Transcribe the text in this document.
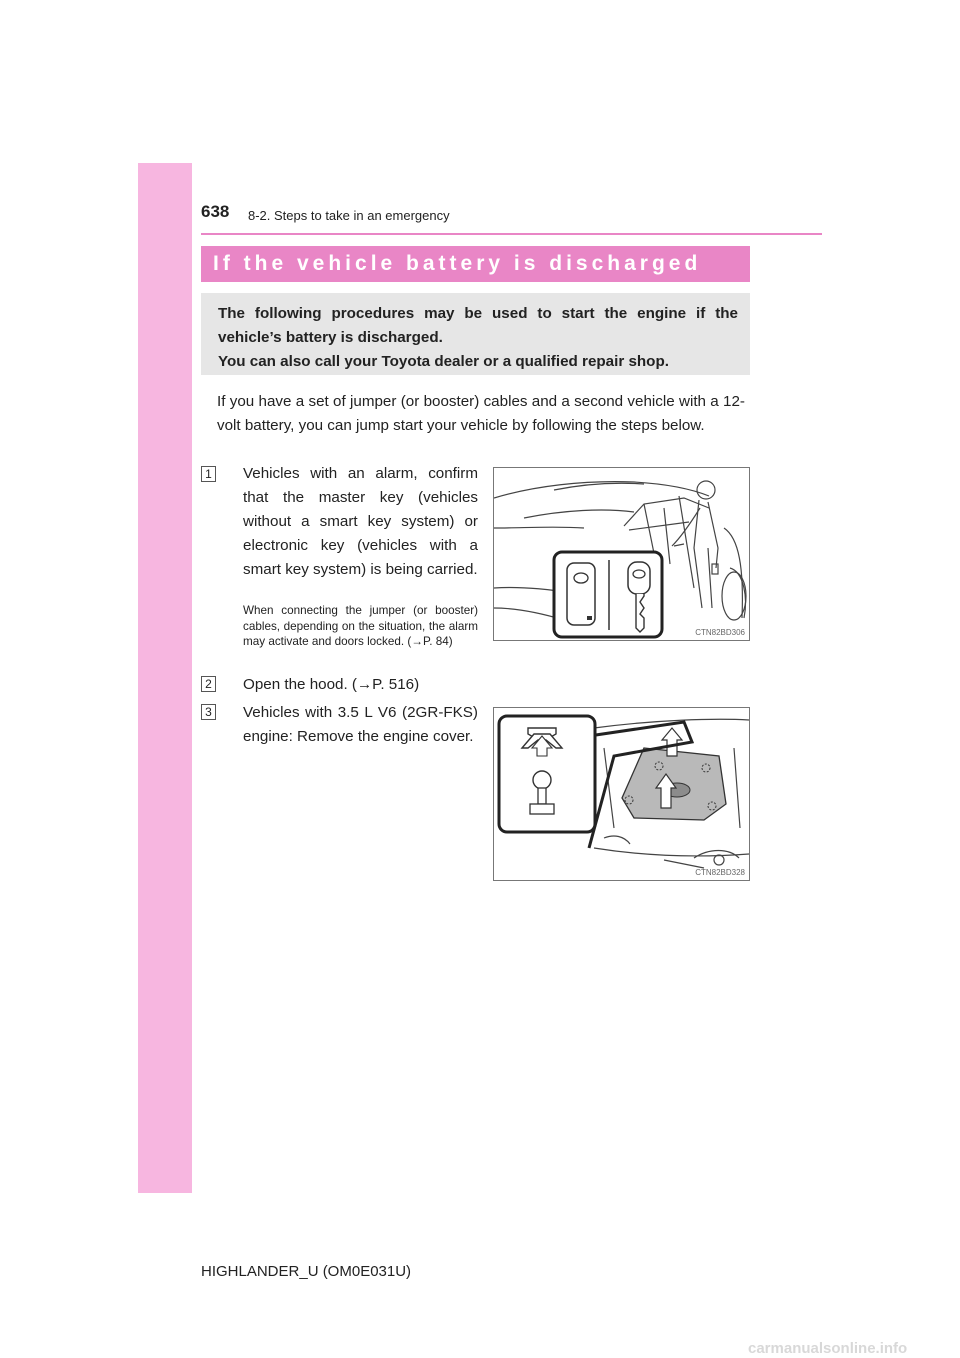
638 8-2. Steps to take in an emergency
If the vehicle battery is discharged

The following procedures may be used to start the engine if the

vehicle’s battery is discharged.

You can also call your Toyota dealer or a qualified repair shop.

If you have a set of jumper (or booster) cables and a second vehicle with a 12-volt battery, you can jump start your vehicle by following the steps below.

1 Vehicles with an alarm, confirm that the master key (vehicles without a smart key system) or electronic key (vehicles with a smart key system) is being carried.

When connecting the jumper (or booster) cables, depending on the situation, the alarm may activate and doors locked. (→P. 84)

CTN82BD306
2 Open the hood. (→P. 516)

3 Vehicles with 3.5 L V6 (2GR-FKS) engine: Remove the engine cover.

CTN82BD328
HIGHLANDER_U (OM0E031U)
carmanualsonline.info
